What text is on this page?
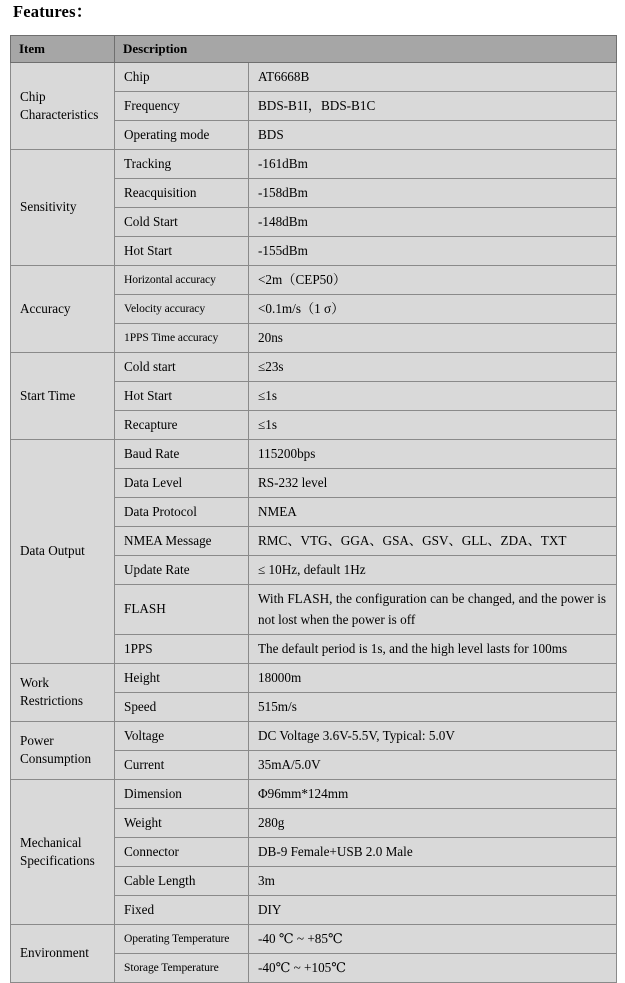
Features：
Item	Description	
Chip Characteristics	Chip	AT6668B
	Frequency	BDS-B1I，BDS-B1C
	Operating mode	BDS
Sensitivity	Tracking	-161dBm
	Reacquisition	-158dBm
	Cold Start	-148dBm
	Hot Start	-155dBm
Accuracy	Horizontal accuracy	<2m（CEP50）
	Velocity accuracy	<0.1m/s（1 σ）
	1PPS Time accuracy	20ns
Start Time	Cold start	≤23s
	Hot Start	≤1s
	Recapture	≤1s
Data Output	Baud Rate	115200bps
	Data Level	RS-232 level
	Data Protocol	NMEA
	NMEA Message	RMC、VTG、GGA、GSA、GSV、GLL、ZDA、TXT
	Update Rate	≤ 10Hz, default 1Hz
	FLASH	With FLASH, the configuration can be changed, and the power is not lost when the power is off
	1PPS	The default period is 1s, and the high level lasts for 100ms
Work Restrictions	Height	18000m
	Speed	515m/s
Power Consumption	Voltage	DC Voltage 3.6V-5.5V, Typical: 5.0V
	Current	35mA/5.0V
Mechanical Specifications	Dimension	Φ96mm*124mm
	Weight	280g
	Connector	DB-9 Female+USB 2.0 Male
	Cable Length	3m
	Fixed	DIY
Environment	Operating Temperature	-40 ℃ ~ +85℃
	Storage Temperature	-40℃ ~ +105℃
